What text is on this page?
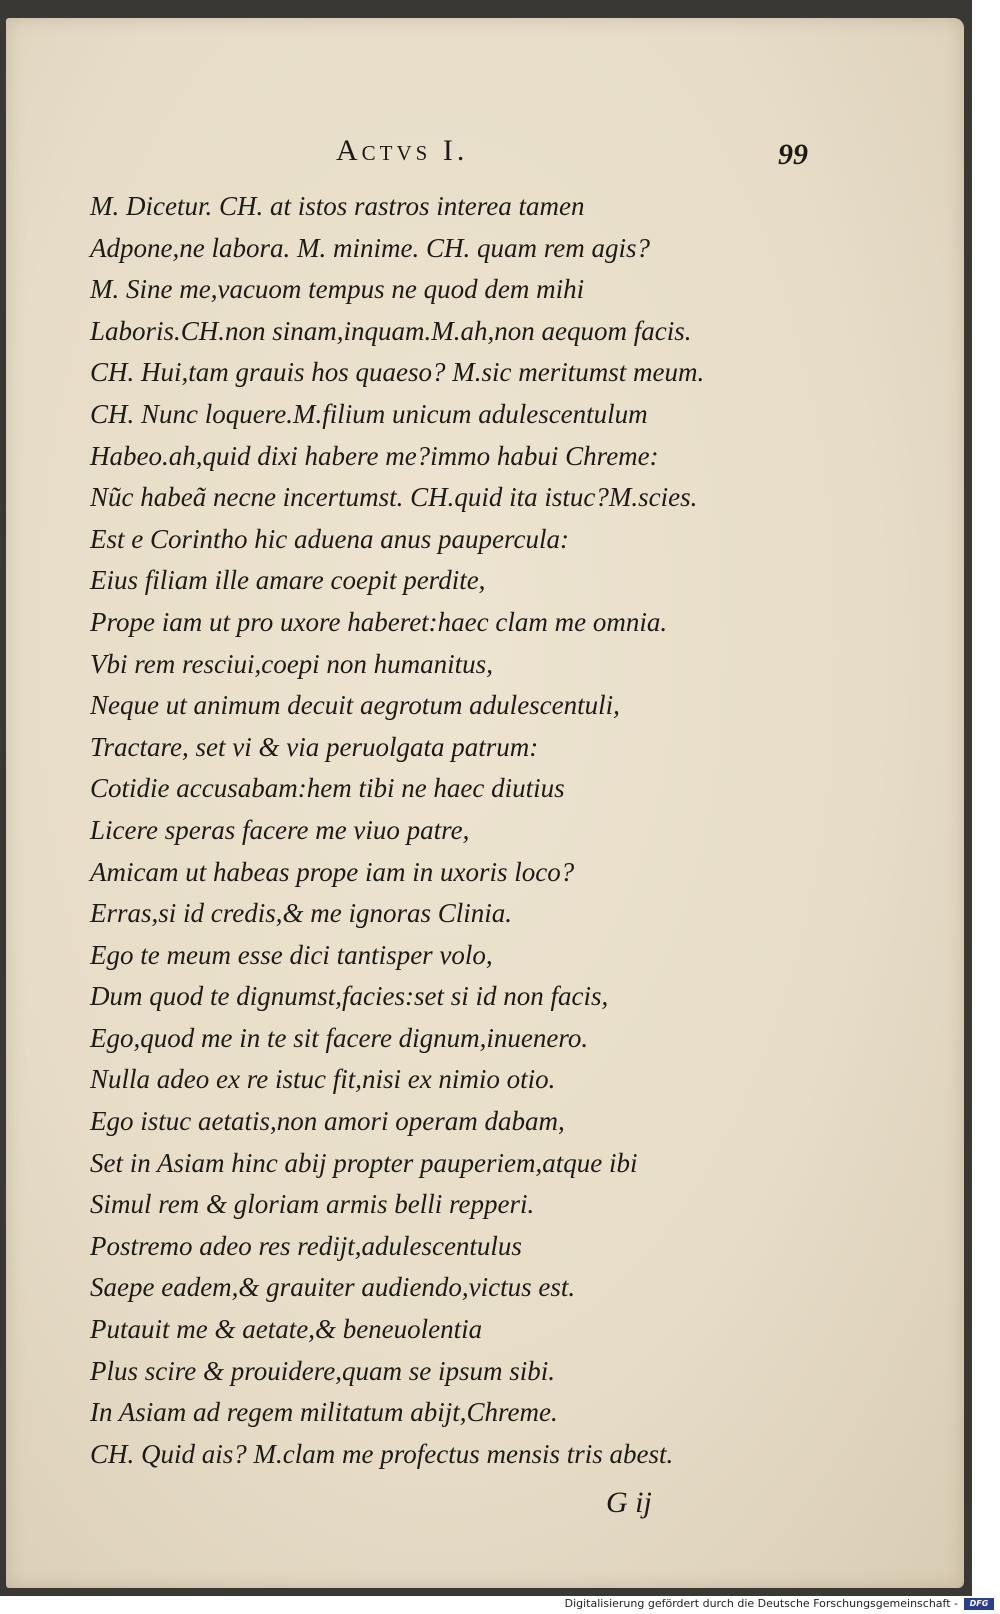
Actvs I.	99
M. Dicetur. CH. at istos rastros interea tamen
Adpone,ne labora. M. minime. CH. quam rem agis?
M. Sine me,vacuom tempus ne quod dem mihi
Laboris.CH.non sinam,inquam.M.ah,non aequom facis.
CH. Hui,tam grauis hos quaeso? M.sic meritumst meum.
CH. Nunc loquere.M.filium unicum adulescentulum
Habeo.ah,quid dixi habere me?immo habui Chreme:
Nũc habeã necne incertumst. CH.quid ita istuc?M.scies.
Est e Corintho hic aduena anus paupercula:
Eius filiam ille amare coepit perdite,
Prope iam ut pro uxore haberet:haec clam me omnia.
Vbi rem resciui,coepi non humanitus,
Neque ut animum decuit aegrotum adulescentuli,
Tractare, set vi & via peruolgata patrum:
Cotidie accusabam:hem tibi ne haec diutius
Licere speras facere me viuo patre,
Amicam ut habeas prope iam in uxoris loco?
Erras,si id credis,& me ignoras Clinia.
Ego te meum esse dici tantisper volo,
Dum quod te dignumst,facies:set si id non facis,
Ego,quod me in te sit facere dignum,inuenero.
Nulla adeo ex re istuc fit,nisi ex nimio otio.
Ego istuc aetatis,non amori operam dabam,
Set in Asiam hinc abij propter pauperiem,atque ibi
Simul rem & gloriam armis belli repperi.
Postremo adeo res redijt,adulescentulus
Saepe eadem,& grauiter audiendo,victus est.
Putauit me & aetate,& beneuolentia
Plus scire & prouidere,quam se ipsum sibi.
In Asiam ad regem militatum abijt,Chreme.
CH. Quid ais? M.clam me profectus mensis tris abest.
G ij
Digitalisierung gefördert durch die Deutsche Forschungsgemeinschaft -	DFG
